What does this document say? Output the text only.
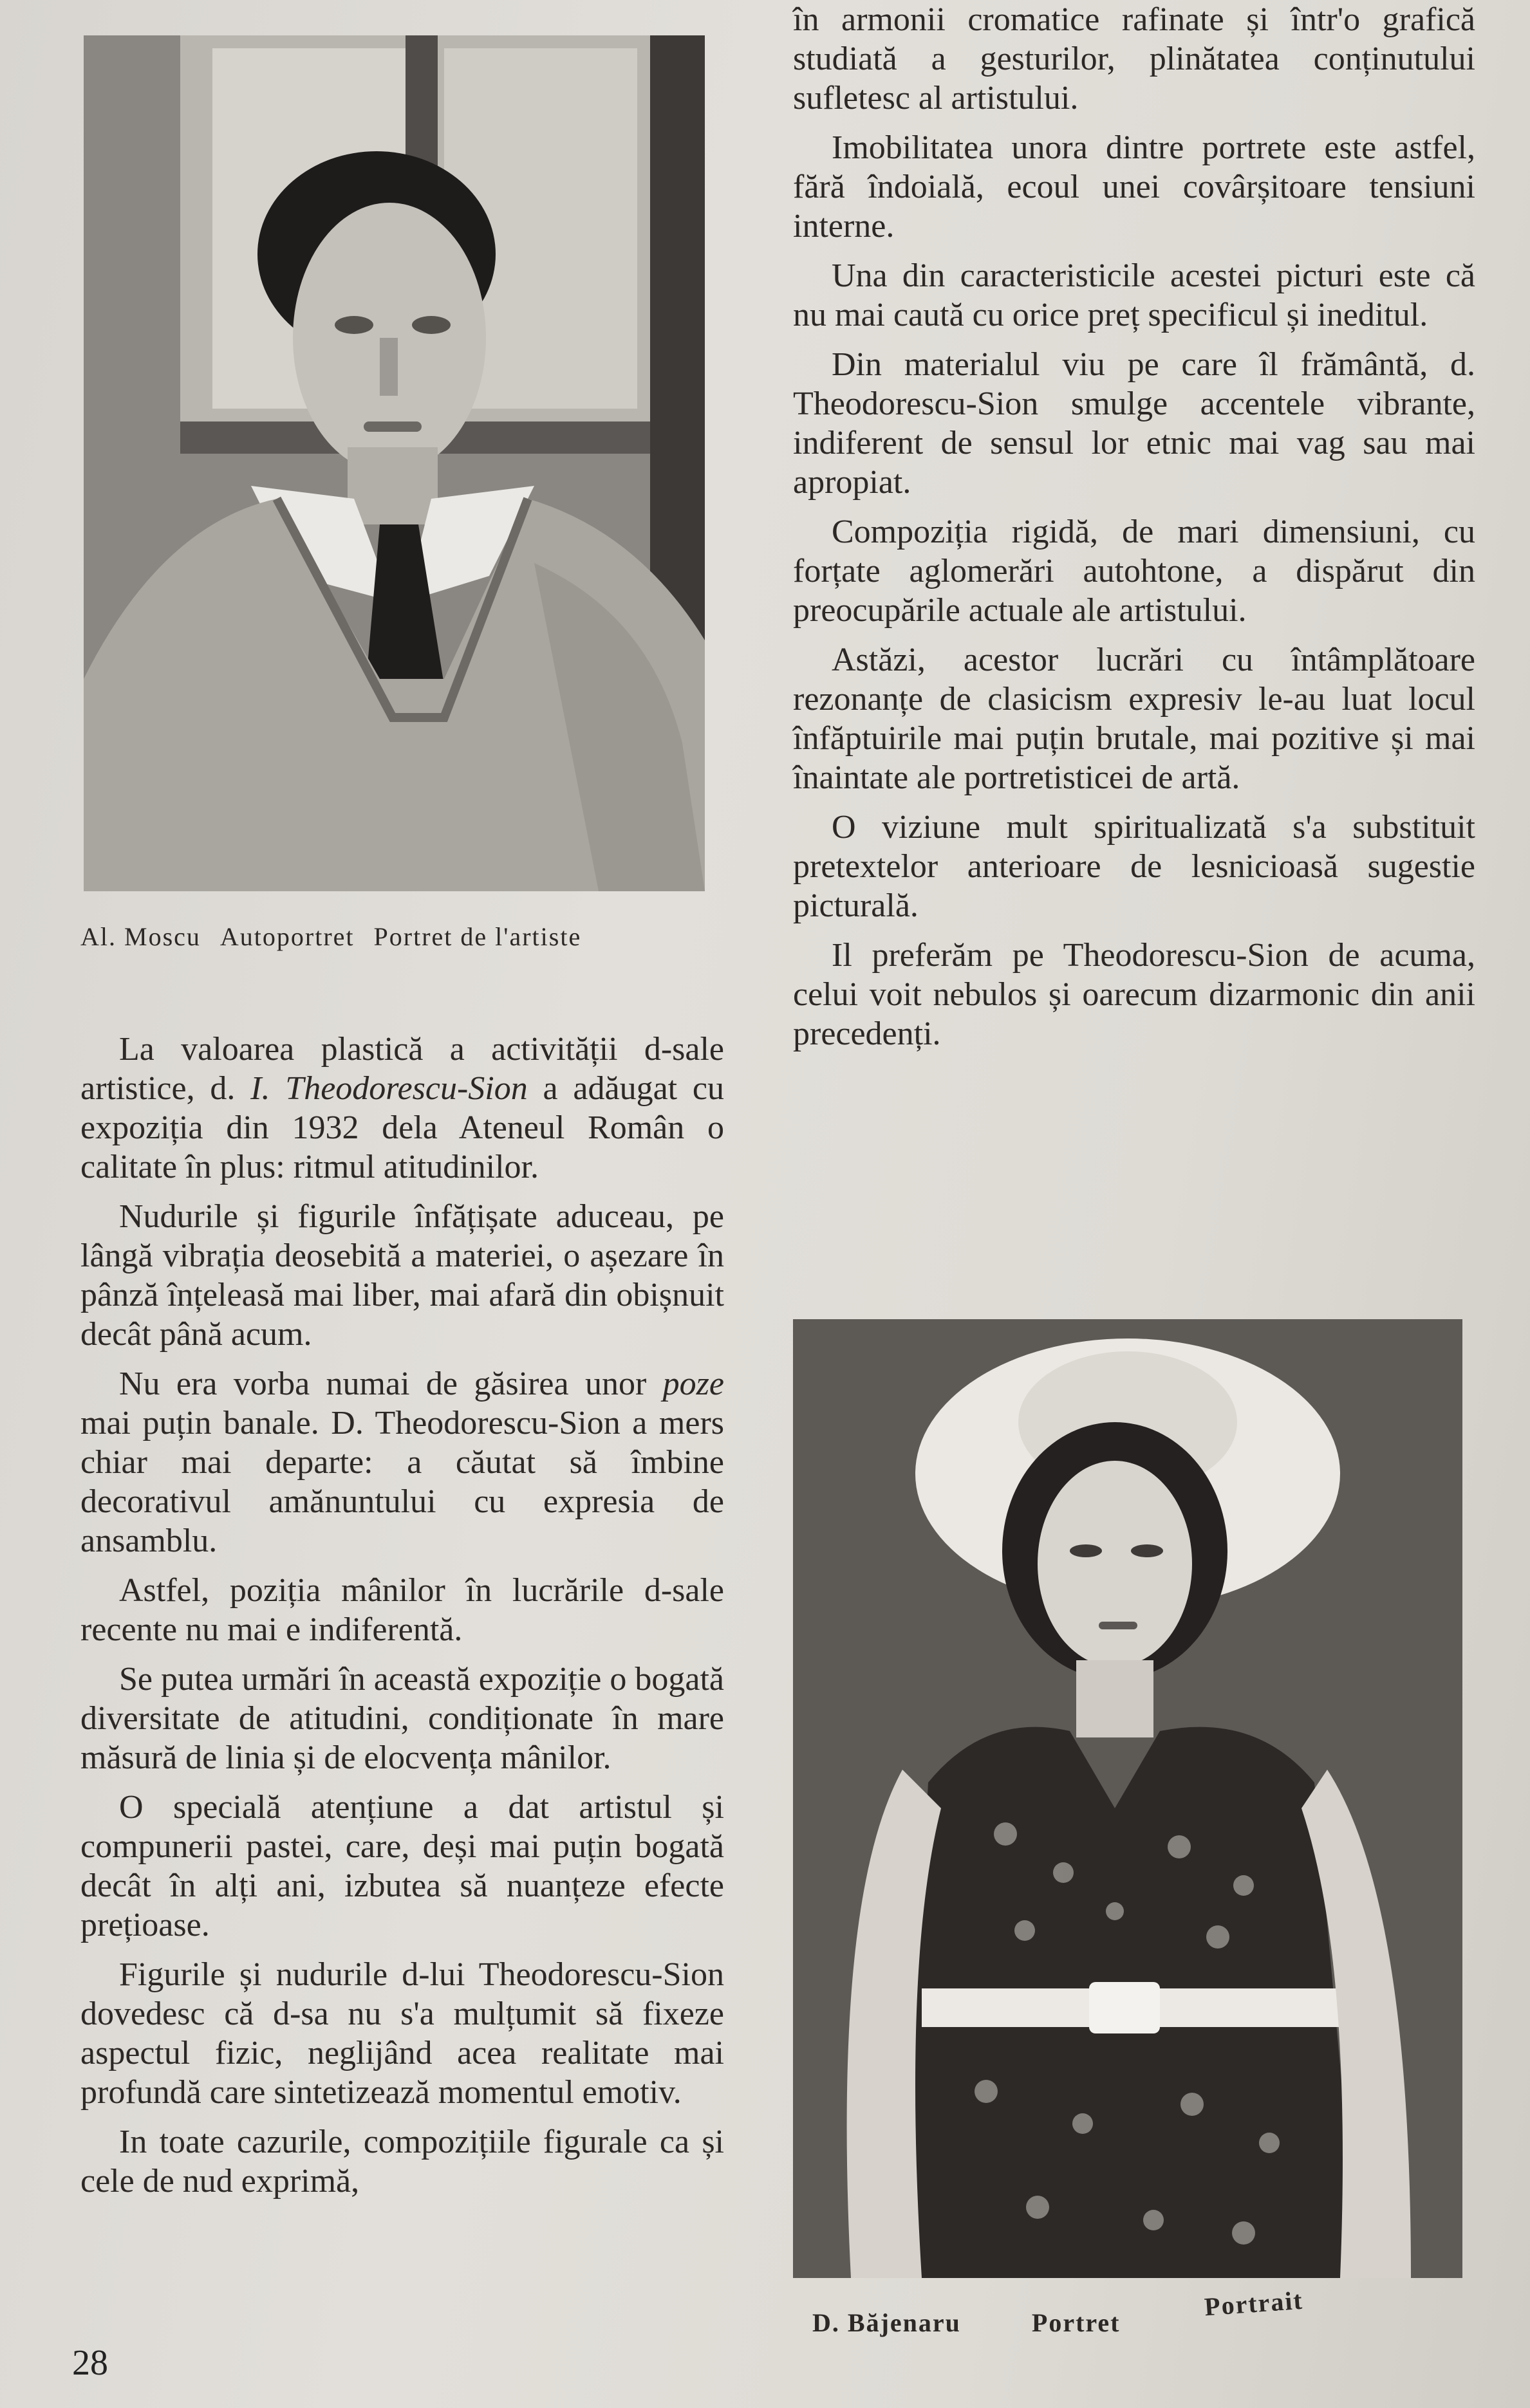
Al. Moscu Autoportret Portret de l'artiste

în armonii cromatice rafinate și într'o grafică studiată a gesturilor, plinătatea conținutului sufletesc al artistului.

Imobilitatea unora dintre portrete este astfel, fără îndoială, ecoul unei covârșitoare tensiuni interne.

Una din caracteristicile acestei picturi este că nu mai caută cu orice preț specificul și ineditul.

Din materialul viu pe care îl frământă, d. Theodorescu-Sion smulge accentele vibrante, indiferent de sensul lor etnic mai vag sau mai apropiat.

Compoziția rigidă, de mari dimensiuni, cu forțate aglomerări autohtone, a dispărut din preocupările actuale ale artistului.

Astăzi, acestor lucrări cu întâmplătoare rezonanțe de clasicism expresiv le-au luat locul înfăptuirile mai puțin brutale, mai pozitive și mai înaintate ale portretisticei de artă.

O viziune mult spiritualizată s'a substituit pretextelor anterioare de lesnicioasă sugestie picturală.

Il preferăm pe Theodorescu-Sion de acuma, celui voit nebulos și oarecum dizarmonic din anii precedenți.

La valoarea plastică a activității d-sale artistice, d. I. Theodorescu-Sion a adăugat cu expoziția din 1932 dela Ateneul Român o calitate în plus: ritmul atitudinilor.

Nudurile și figurile înfățișate aduceau, pe lângă vibrația deosebită a materiei, o așezare în pânză înțeleasă mai liber, mai afară din obișnuit decât până acum.

Nu era vorba numai de găsirea unor poze mai puțin banale. D. Theodorescu-Sion a mers chiar mai departe: a căutat să îmbine decorativul amănuntului cu expresia de ansamblu.

Astfel, poziția mânilor în lucrările d-sale recente nu mai e indiferentă.

Se putea urmări în această expoziție o bogată diversitate de atitudini, condiționate în mare măsură de linia și de elocvența mânilor.

O specială atențiune a dat artistul și compunerii pastei, care, deși mai puțin bogată decât în alți ani, izbutea să nuanțeze efecte prețioase.

Figurile și nudurile d-lui Theodorescu-Sion dovedesc că d-sa nu s'a mulțumit să fixeze aspectul fizic, neglijând acea realitate mai profundă care sintetizează momentul emotiv.

In toate cazurile, compozițiile figurale ca și cele de nud exprimă,

D. Băjenaru	PortretPortrait
28
